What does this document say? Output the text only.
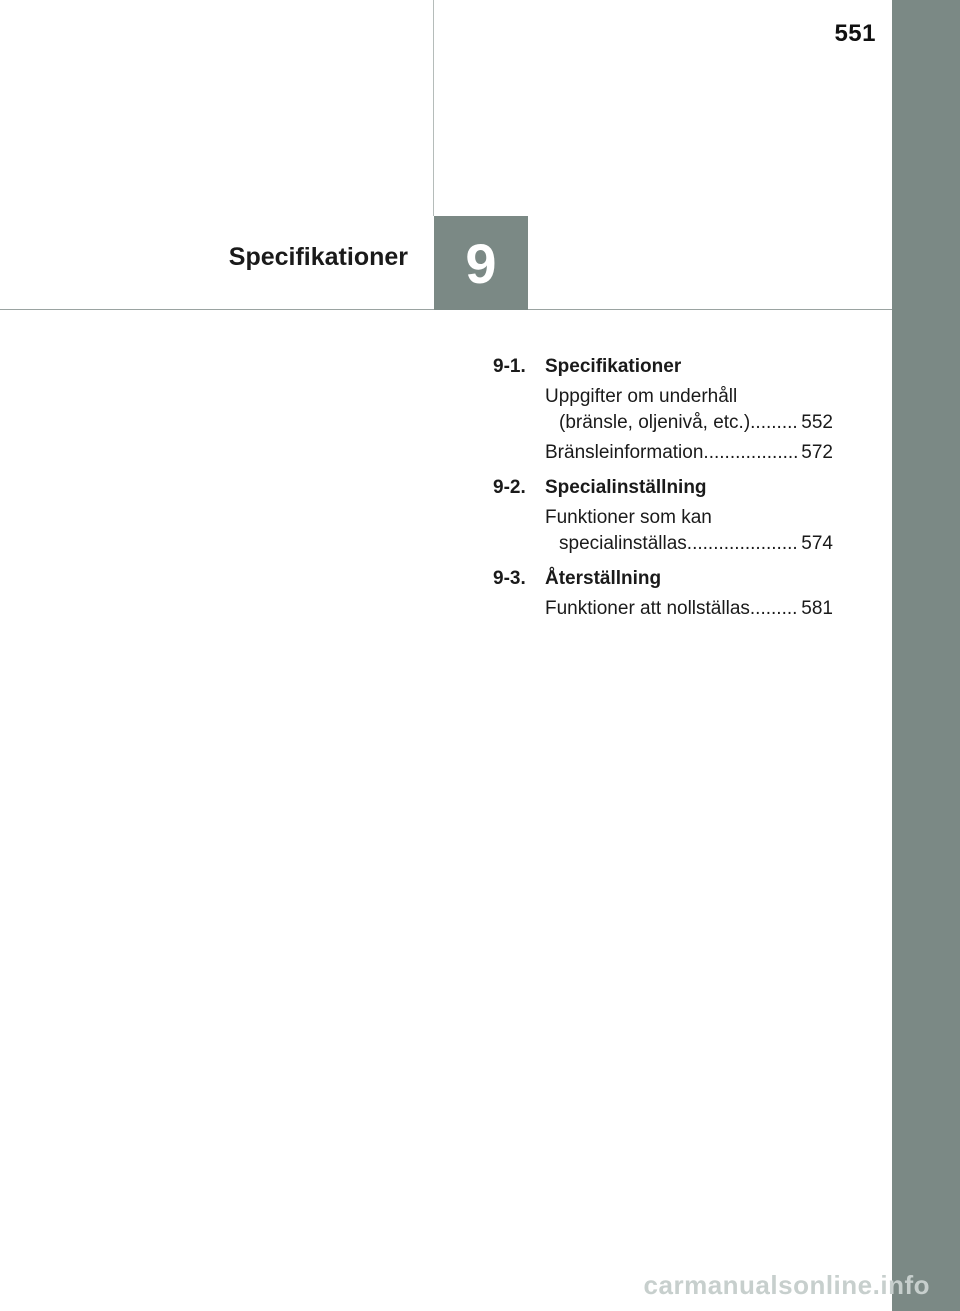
551
Specifikationer 9
9-1.	Specifikationer
Uppgifter om underhåll
(bränsle, oljenivå, etc.) .....	552
Bränsleinformation .....	572
9-2.	Specialinställning
Funktioner som kan
specialinställas .....	574
9-3.	Återställning
Funktioner att nollställas .....	581
carmanualsonline.info
